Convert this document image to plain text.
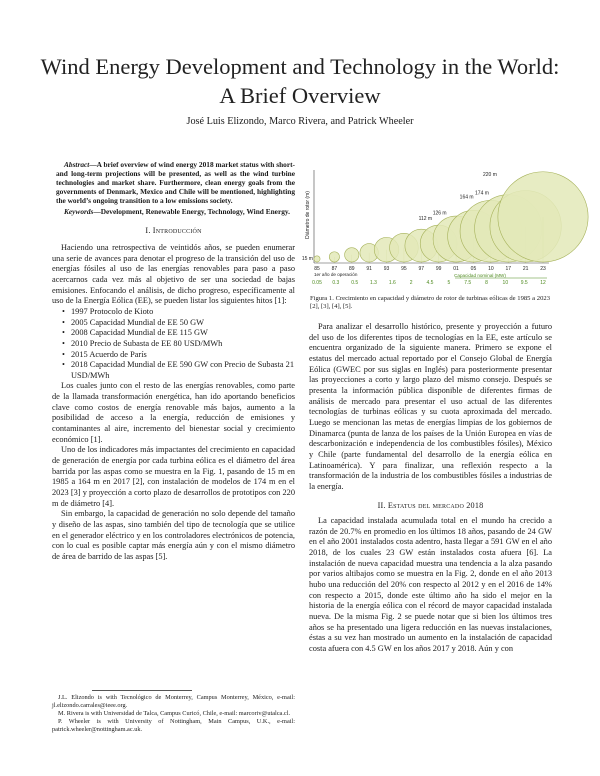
Wind Energy Development and Technology in the World: A Brief Overview
José Luis Elizondo, Marco Rivera, and Patrick Wheeler

Abstract—A brief overview of wind energy 2018 market status with short- and long-term projections will be presented, as well as the wind turbine technologies and market share. Furthermore, clean energy goals from the governments of Denmark, Mexico and Chile will be mentioned, highlighting the world’s ongoing transition to a low emissions society.

Keywords—Development, Renewable Energy, Technology, Wind Energy.

I. Introducción

Haciendo una retrospectiva de veintidós años, se pueden enumerar una serie de avances para denotar el progreso de la transición del uso de energías fósiles al uso de las energías renovables para paso a paso acercarnos cada vez más al objetivo de ser una sociedad de bajas emisiones. Enfocando el análisis, de dicho progreso, específicamente al uso de la Energía Eólica (EE), se pueden listar los siguientes hitos [1]:

• 1997 Protocolo de Kioto
• 2005 Capacidad Mundial de EE 50 GW
• 2008 Capacidad Mundial de EE 115 GW
• 2010 Precio de Subasta de EE 80 USD/MWh
• 2015 Acuerdo de París
• 2018 Capacidad Mundial de EE 590 GW con Precio de Subasta 21 USD/MWh

Los cuales junto con el resto de las energías renovables, como parte de la llamada transformación energética, han ido aportando beneficios clave como costos de energía renovable más bajos, aumento a la posibilidad de acceso a la energía, reducción de emisiones y contaminantes al aire, incremento del bienestar social y crecimiento económico [1].

Uno de los indicadores más impactantes del crecimiento en capacidad de generación de energía por cada turbina eólica es el diámetro del área barrida por las aspas como se muestra en la Fig. 1, pasando de 15 m en 1985 a 164 m en 2017 [2], con instalación de modelos de 174 m en el 2023 [3] y proyección a corto plazo de desarrollos de prototipos con 220 m de diámetro [4].

Sin embargo, la capacidad de generación no solo depende del tamaño y diseño de las aspas, sino también del tipo de tecnología que se utilice en el generador eléctrico y en los controladores electrónicos de potencia, con lo cual es posible captar más energía aún y con el mismo diámetro de área de barrido de las aspas [5].

J.L. Elizondo is with Tecnológico de Monterrey, Campus Monterrey, México, e-mail: jl.elizondo.carrales@ieee.org.

M. Rivera is with Universidad de Talca, Campus Curicó, Chile, e-mail: marcoriv@utalca.cl.

P. Wheeler is with University of Nottingham, Main Campus, U.K., e-mail: patrick.wheeler@nottingham.ac.uk.

Diámetro de rotor (m)
15 m
112 m
126 m
164 m
174 m
220 m
85 87 89 91 93 95 97 99 01 05 10 17 21 23
1er año de operación
0.05 0.3 0.5 1.3 1.6	2	4.5	5	7.5	8	10	9.5	12
Capacidad nominal (MW)
Figura 1. Crecimiento en capacidad y diámetro de rotor de turbinas eólicas de 1985 a 2023 [2], [3], [4], [5].

Para analizar el desarrollo histórico, presente y proyección a futuro del uso de los diferentes tipos de tecnologías en la EE, este artículo se encuentra organizado de la siguiente manera. Primero se expone el estatus del mercado actual reportado por el Consejo Global de Energía Eólica (GWEC por sus siglas en Inglés) para posteriormente presentar las proyecciones a corto y largo plazo del mismo consejo. Después se presenta la información pública disponible de diferentes firmas de análisis de mercado para presentar el uso actual de las diferentes tecnologías de turbinas eólicas y su cuota aproximada del mercado. Luego se mencionan las metas de energías limpias de los gobiernos de Dinamarca (punta de lanza de los países de la Unión Europea en vías de descarbonización e independencia de los combustibles fósiles), México y Chile (parte fundamental del desarrollo de la energía eólica en Latinoamérica). Y para finalizar, una reflexión respecto a la transformación de la industria de los combustibles fósiles a industrias de la energía.

II. Estatus del mercado 2018

La capacidad instalada acumulada total en el mundo ha crecido a razón de 20.7% en promedio en los últimos 18 años, pasando de 24 GW en el año 2001 instalados costa adentro, hasta llegar a 591 GW en el año 2018, de los cuales 23 GW están instalados costa afuera [6]. La instalación de nueva capacidad muestra una tendencia a la alza pasando por varios altibajos como se muestra en la Fig. 2, donde en el año 2013 hubo una reducción del 20% con respecto al 2012 y en el 2016 de 14% con respecto a 2015, donde este último año ha sido el mejor en la historia de la energía eólica con el récord de mayor capacidad instalada nueva. De la misma Fig. 2 se puede notar que si bien los últimos tres años se ha presentado una ligera reducción en las nuevas instalaciones, éstas a su vez han mostrado un aumento en la instalación de capacidad costa afuera con 4.5 GW en los años 2017 y 2018. Aún y con
